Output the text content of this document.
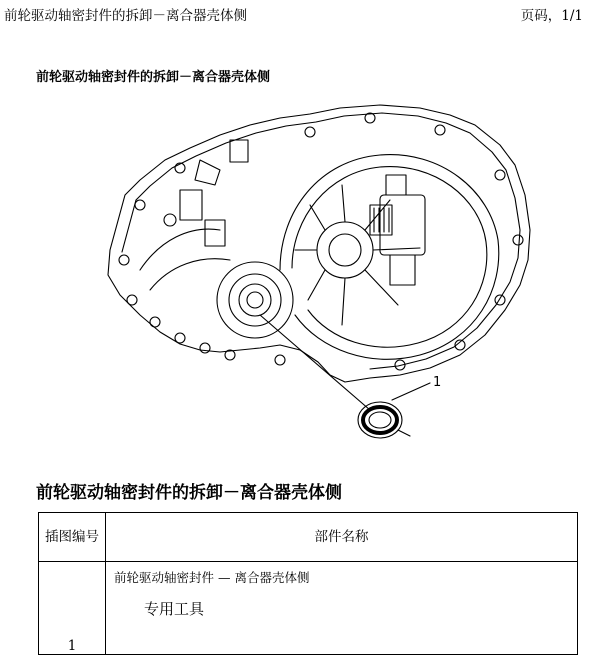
前轮驱动轴密封件的拆卸－离合器壳体侧	页码，1/1
前轮驱动轴密封件的拆卸－离合器壳体侧
1
前轮驱动轴密封件的拆卸－离合器壳体侧
插图编号	部件名称
1	前轮驱动轴密封件 — 离合器壳体侧
专用工具
